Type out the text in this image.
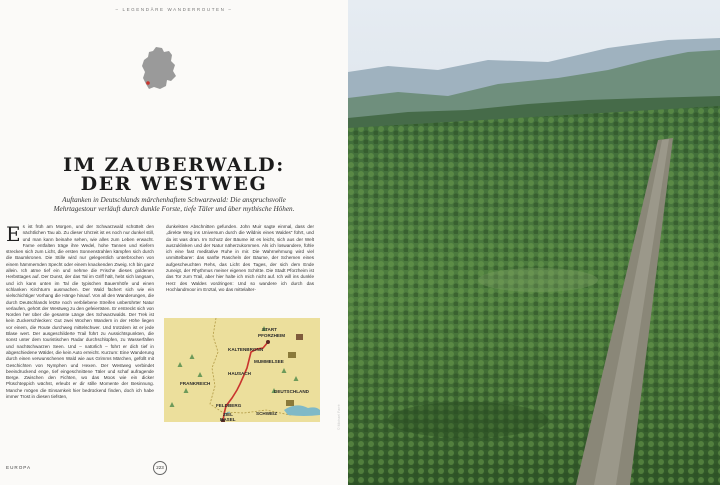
– LEGENDÄRE WANDERROUTEN –
IM ZAUBERWALD:
DER WESTWEG
Auftanken in Deutschlands märchenhaftem Schwarzwald: Die anspruchsvolle
Mehrtagestour verläuft durch dunkle Forste, tiefe Täler und über mythische Höhen.
E s ist früh am Morgen, und der Schwarzwald schüttelt den nächtlichen Tau ab. Zu dieser Uhrzeit ist es noch nur dunkel still, und man kann beinahe sehen, wie alles zum Leben erwacht. Farne entfalten träge ihre Wedel, hohe Tannen und Kiefern strecken sich zum Licht, die ersten Sonnenstrahlen kämpfen sich durch die Baumkronen. Die Stille wird nur gelegentlich unterbrochen von einem hämmernden Specht oder einem knackenden Zweig. Ich bin ganz allein. Ich atme tief ein und nehme die Frische dieses goldenen Herbsttages auf. Der Dunst, der das Tal im Griff hält, hebt sich langsam, und ich kann unten im Tal die typischen Bauernhöfe und einen schlanken Kirchturm ausmachen. Der Wald fächert sich wie ein vielschichtiger Vorhang die Hänge hinauf. Von all den Wanderungen, die durch Deutschlands letzte noch verbliebene Streifen unberührter Natur verlaufen, gehört der Westweg zu den gefeiertsten. Er erstreckt sich von Norden her über die gesamte Länge des Schwarzwalds. Der Trek ist kein Zuckerschlecken: Gut zwei Wochen Wandern in der Höhe liegen vor einem, die Route durchweg mittelschwer. Und trotzdem ist er jede Blase wert. Der ausgeschilderte Trail führt zu Aussichtspunkten, die sonst unter dem touristischen Radar durchschlüpfen, zu Wasserfällen und nachtschwarzen Seen. Und – natürlich – führt er dich tief in abgeschiedene Wälder, die kein Auto erreicht. Kurzum: Eine Wanderung durch einen verwunschenen Wald wie aus Grimms Märchen, gefüllt mit Geschichten von Nymphen und Hexen. Der Westweg verbindet beeindruckend enge, tief eingeschnittene Täler und schaf aufragende Berge. Zwischen den Fichten, wo das Moos wie ein dicker Plüschteppich wächst, erleubt er dir stille Momente der Besinnung. Manche mögen die Einsamkeit hier bedrückend finden, doch ich habe immer Trost in diesen tiefsten,
dunkelsten Abschnitten gefunden. John Muir sagte einmal, dass der „direkte Weg ins Universum durch die Wildnis eines Waldes" führt, und da ist was dran. Im Schutz der Bäume ist es leicht, sich aus der Welt auszuklinken und der Natur näherzukommen. Als ich loswandere, fühle ich eine fast meditative Ruhe in mir. Die Wahrnehmung wird viel unmittelbarer: das sanfte Rascheln der Bäume, der Schemen eines aufgescheuchten Rehs, das Licht des Tages, der sich dem Ende zuneigt, der Rhythmus meiner eigenen Schritte. Die Stadt Pforzheim ist das Tor zum Trail, aber hier halte ich mich nicht auf. Ich will ins dunkle Herz des Waldes vordringen: Und so wandere ich durch das Hochlandmoor im Enztal, wo das mittelalter-
START
PFORZHEIM
KALTENBRONN
MUMMELSEE
HAUSACH
FRANKREICH
DEUTSCHLAND
FELDBERG
SCHWEIZ
ZIEL
BASEL
EUROPA	223
© Michael Farré
